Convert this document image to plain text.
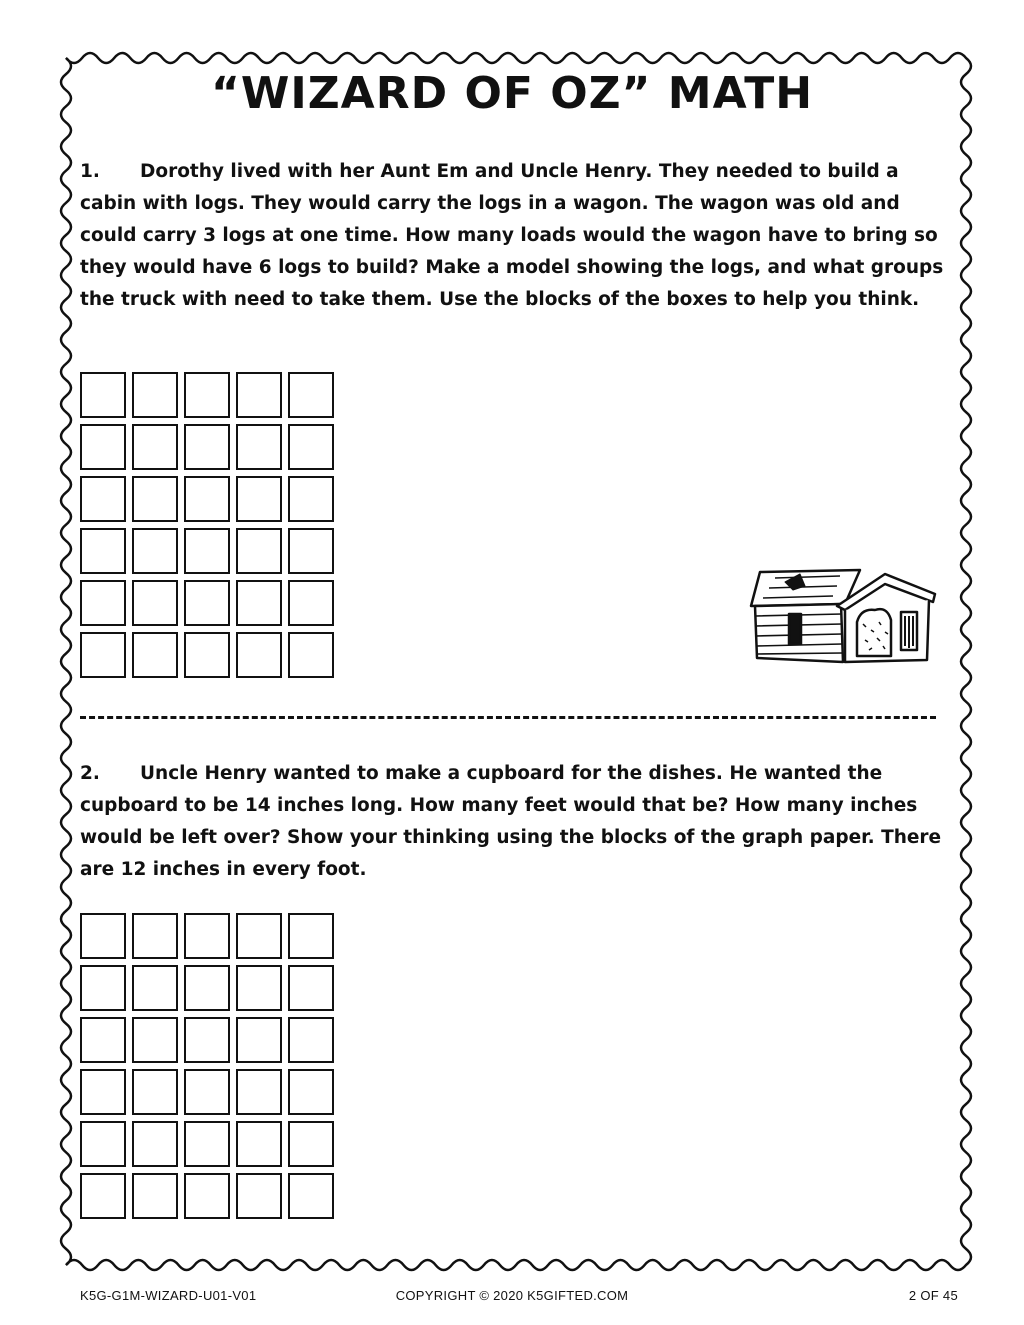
“WIZARD OF OZ” MATH
1. Dorothy lived with her Aunt Em and Uncle Henry. They needed to build a cabin with logs. They would carry the logs in a wagon. The wagon was old and could carry 3 logs at one time. How many loads would the wagon have to bring so they would have 6 logs to build? Make a model showing the logs, and what groups the truck with need to take them. Use the blocks of the boxes to help you think.
2. Uncle Henry wanted to make a cupboard for the dishes. He wanted the cupboard to be 14 inches long. How many feet would that be? How many inches would be left over? Show your thinking using the blocks of the graph paper. There are 12 inches in every foot.
K5G-G1M-WIZARD-U01-V01	COPYRIGHT © 2020 K5GIFTED.COM	2 OF 45
